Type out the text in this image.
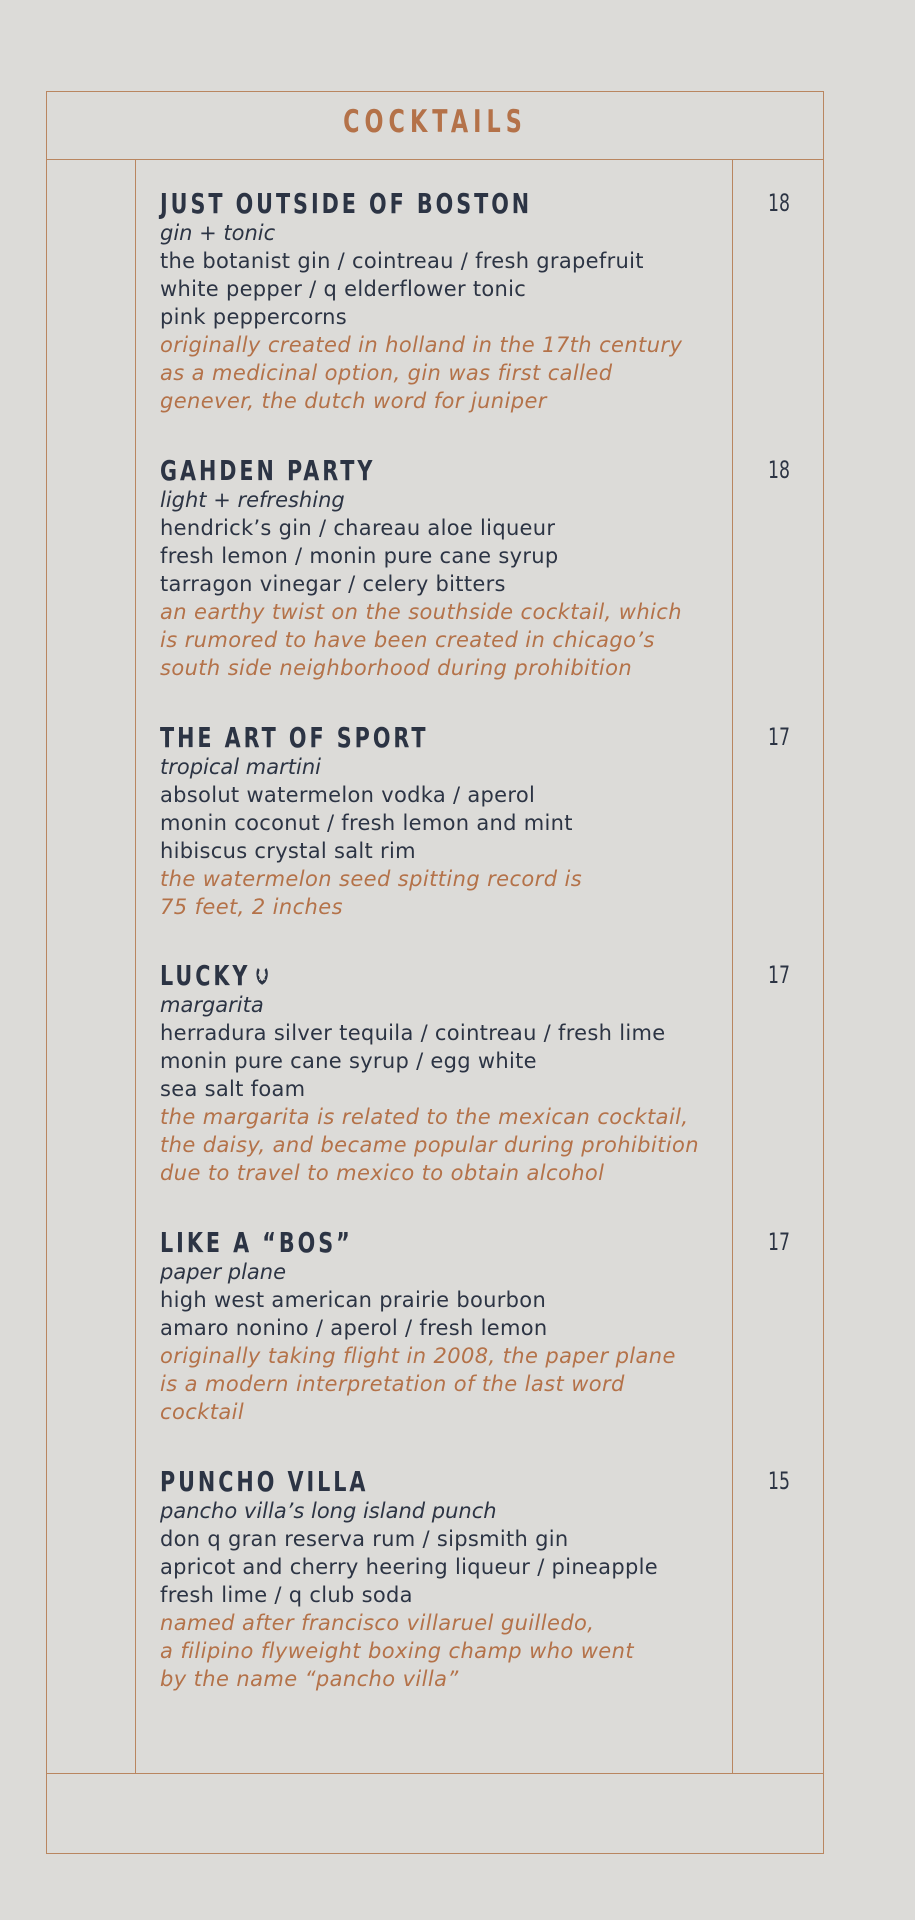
COCKTAILS
JUST OUTSIDE OF BOSTON
gin + tonic
the botanist gin / cointreau / fresh grapefruit
white pepper / q elderflower tonic
pink peppercorns
originally created in holland in the 17th century
as a medicinal option, gin was first called
genever, the dutch word for juniper
18
GAHDEN PARTY
light + refreshing
hendrick’s gin / chareau aloe liqueur
fresh lemon / monin pure cane syrup
tarragon vinegar / celery bitters
an earthy twist on the southside cocktail, which
is rumored to have been created in chicago’s
south side neighborhood during prohibition
18
THE ART OF SPORT
tropical martini
absolut watermelon vodka / aperol
monin coconut / fresh lemon and mint
hibiscus crystal salt rim
the watermelon seed spitting record is
75 feet, 2 inches
17
LUCKY
margarita
herradura silver tequila / cointreau / fresh lime
monin pure cane syrup / egg white
sea salt foam
the margarita is related to the mexican cocktail,
the daisy, and became popular during prohibition
due to travel to mexico to obtain alcohol
17
LIKE A “BOS”
paper plane
high west american prairie bourbon
amaro nonino / aperol / fresh lemon
originally taking flight in 2008, the paper plane
is a modern interpretation of the last word
cocktail
17
PUNCHO VILLA
pancho villa’s long island punch
don q gran reserva rum / sipsmith gin
apricot and cherry heering liqueur / pineapple
fresh lime / q club soda
named after francisco villaruel guilledo,
a filipino flyweight boxing champ who went
by the name “pancho villa”
15
